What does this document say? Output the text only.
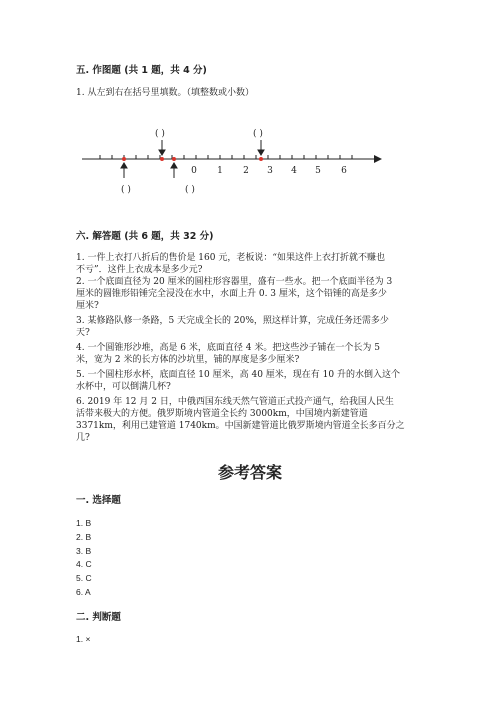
五. 作图题 (共 1 题，共 4 分)
1. 从左到右在括号里填数。（填整数或小数）
0 1 2 3 4 5 6
( )	( )
( )	( )
六. 解答题 (共 6 题，共 32 分)
1. 一件上衣打八折后的售价是 160 元，老板说：“如果这件上衣打折就不赚也
不亏”．这件上衣成本是多少元?
2. 一个底面直径为 20 厘米的圆柱形容器里，盛有一些水。把一个底面半径为 3
厘米的圆锥形铅锤完全浸没在水中，水面上升 0. 3 厘米，这个铅锤的高是多少
厘米?
3. 某修路队修一条路，5 天完成全长的 20%，照这样计算，完成任务还需多少
天?
4. 一个圆锥形沙堆，高是 6 米，底面直径 4 米。把这些沙子铺在一个长为 5
米，宽为 2 米的长方体的沙坑里，铺的厚度是多少厘米?
5. 一个圆柱形水杯，底面直径 10 厘米，高 40 厘米，现在有 10 升的水倒入这个
水杯中，可以倒满几杯?
6. 2019 年 12 月 2 日，中俄西国东线天然气管道正式投产通气，给我国人民生
活带来极大的方便。俄罗斯境内管道全长约 3000km，中国境内新建管道
3371km，利用已建管道 1740km。中国新建管道比俄罗斯境内管道全长多百分之
几?
参考答案
一. 选择题
1. B
2. B
3. B
4. C
5. C
6. A
二. 判断题
1. ×
